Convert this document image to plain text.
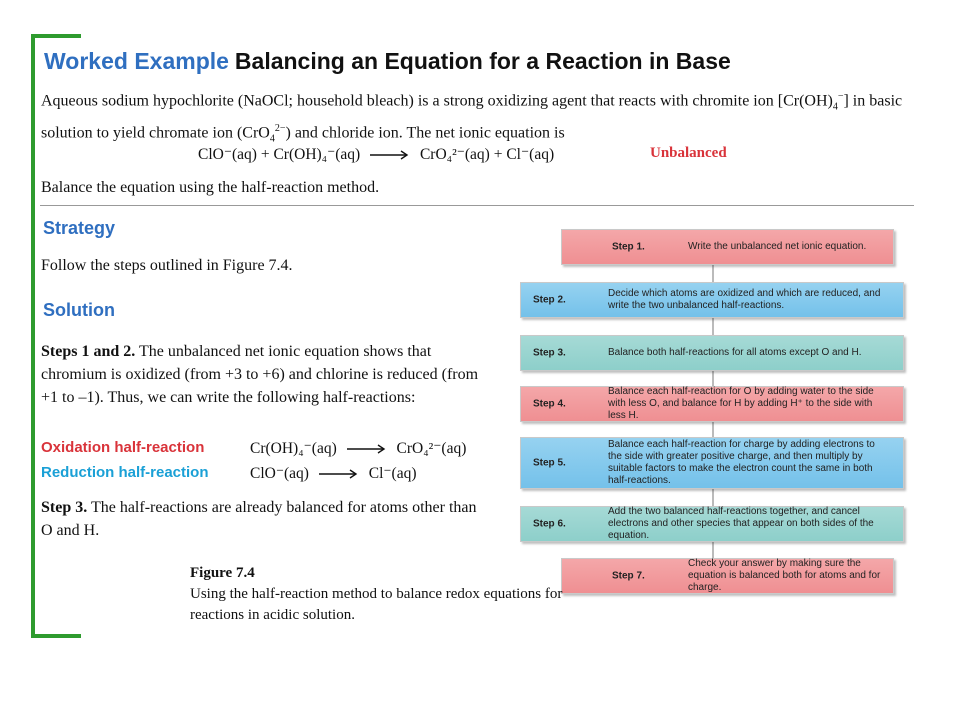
Worked Example Balancing an Equation for a Reaction in Base
Aqueous sodium hypochlorite (NaOCl; household bleach) is a strong oxidizing agent that reacts with chromite ion $[Cr(OH)_4^-]$ in basic solution to yield chromate ion (CrO$_4^{2-}$) and chloride ion. The net ionic equation is
ClO⁻(aq) + Cr(OH)₄⁻(aq) → CrO₄²⁻(aq) + Cl⁻(aq)	Unbalanced
Balance the equation using the half-reaction method.
Strategy
Follow the steps outlined in Figure 7.4.
Solution
Steps 1 and 2. The unbalanced net ionic equation shows that chromium is oxidized (from +3 to +6) and chlorine is reduced (from +1 to –1). Thus, we can write the following half-reactions:
Oxidation half-reaction	Cr(OH)₄⁻(aq) → CrO₄²⁻(aq)
Reduction half-reaction	ClO⁻(aq) → Cl⁻(aq)
Step 3. The half-reactions are already balanced for atoms other than O and H.
Step 1.	Write the unbalanced net ionic equation.
Step 2.
Decide which atoms are oxidized and which are reduced, and write the two unbalanced half-reactions.
Step 3.	Balance both half-reactions for all atoms except O and H.
Step 4.
Balance each half-reaction for O by adding water to the side with less O, and balance for H by adding H⁺ to the side with less H.
Step 5.
Balance each half-reaction for charge by adding electrons to the side with greater positive charge, and then multiply by suitable factors to make the electron count the same in both half-reactions.
Step 6.
Add the two balanced half-reactions together, and cancel electrons and other species that appear on both sides of the equation.
Step 7.
Check your answer by making sure the equation is balanced both for atoms and for charge.
Figure 7.4
Using the half-reaction method to balance redox equations for reactions in acidic solution.
